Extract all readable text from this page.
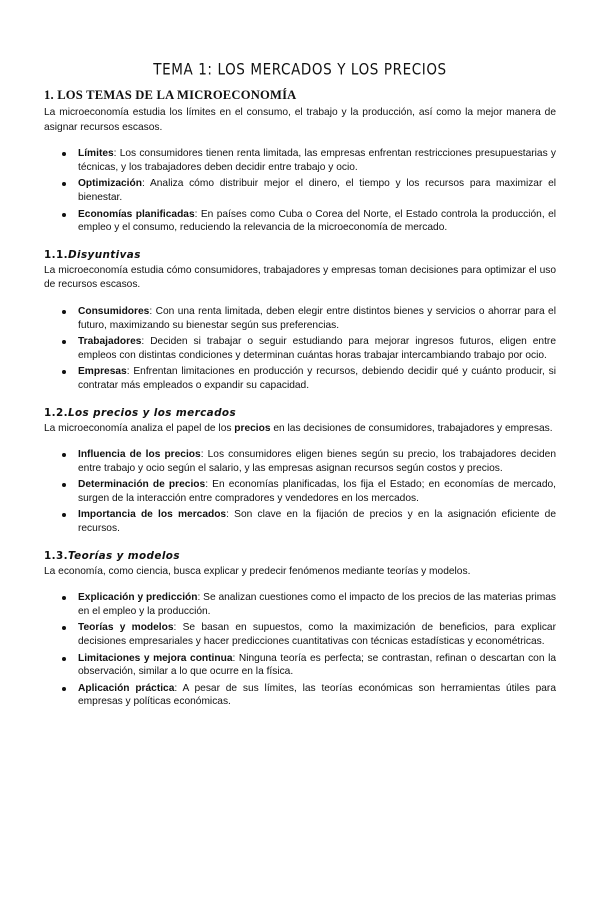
TEMA 1: LOS MERCADOS Y LOS PRECIOS
1. LOS TEMAS DE LA MICROECONOMÍA

La microeconomía estudia los límites en el consumo, el trabajo y la producción, así como la mejor manera de asignar recursos escasos.

Límites: Los consumidores tienen renta limitada, las empresas enfrentan restricciones presupuestarias y técnicas, y los trabajadores deben decidir entre trabajo y ocio.
Optimización: Analiza cómo distribuir mejor el dinero, el tiempo y los recursos para maximizar el bienestar.
Economías planificadas: En países como Cuba o Corea del Norte, el Estado controla la producción, el empleo y el consumo, reduciendo la relevancia de la microeconomía de mercado.
1.1.Disyuntivas

La microeconomía estudia cómo consumidores, trabajadores y empresas toman decisiones para optimizar el uso de recursos escasos.

Consumidores: Con una renta limitada, deben elegir entre distintos bienes y servicios o ahorrar para el futuro, maximizando su bienestar según sus preferencias.
Trabajadores: Deciden si trabajar o seguir estudiando para mejorar ingresos futuros, eligen entre empleos con distintas condiciones y determinan cuántas horas trabajar intercambiando trabajo por ocio.
Empresas: Enfrentan limitaciones en producción y recursos, debiendo decidir qué y cuánto producir, si contratar más empleados o expandir su capacidad.
1.2.Los precios y los mercados

La microeconomía analiza el papel de los precios en las decisiones de consumidores, trabajadores y empresas.

Influencia de los precios: Los consumidores eligen bienes según su precio, los trabajadores deciden entre trabajo y ocio según el salario, y las empresas asignan recursos según costos y precios.
Determinación de precios: En economías planificadas, los fija el Estado; en economías de mercado, surgen de la interacción entre compradores y vendedores en los mercados.
Importancia de los mercados: Son clave en la fijación de precios y en la asignación eficiente de recursos.
1.3.Teorías y modelos

La economía, como ciencia, busca explicar y predecir fenómenos mediante teorías y modelos.

Explicación y predicción: Se analizan cuestiones como el impacto de los precios de las materias primas en el empleo y la producción.
Teorías y modelos: Se basan en supuestos, como la maximización de beneficios, para explicar decisiones empresariales y hacer predicciones cuantitativas con técnicas estadísticas y econométricas.
Limitaciones y mejora continua: Ninguna teoría es perfecta; se contrastan, refinan o descartan con la observación, similar a lo que ocurre en la física.
Aplicación práctica: A pesar de sus límites, las teorías económicas son herramientas útiles para empresas y políticas económicas.
